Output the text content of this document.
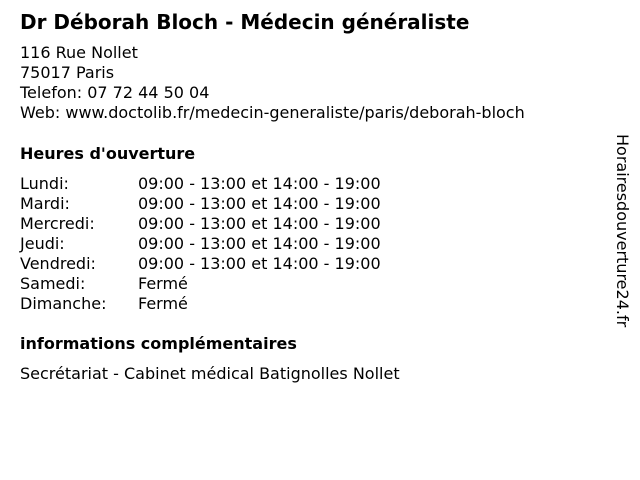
Dr Déborah Bloch - Médecin généraliste
116 Rue Nollet
75017 Paris
Telefon: 07 72 44 50 04
Web: www.doctolib.fr/medecin-generaliste/paris/deborah-bloch
Heures d'ouverture
Lundi:	09:00 - 13:00 et 14:00 - 19:00
Mardi:	09:00 - 13:00 et 14:00 - 19:00
Mercredi:	09:00 - 13:00 et 14:00 - 19:00
Jeudi:	09:00 - 13:00 et 14:00 - 19:00
Vendredi:	09:00 - 13:00 et 14:00 - 19:00
Samedi:	Fermé
Dimanche: Fermé
informations complémentaires
Secrétariat - Cabinet médical Batignolles Nollet
Horairesdouverture24.fr
